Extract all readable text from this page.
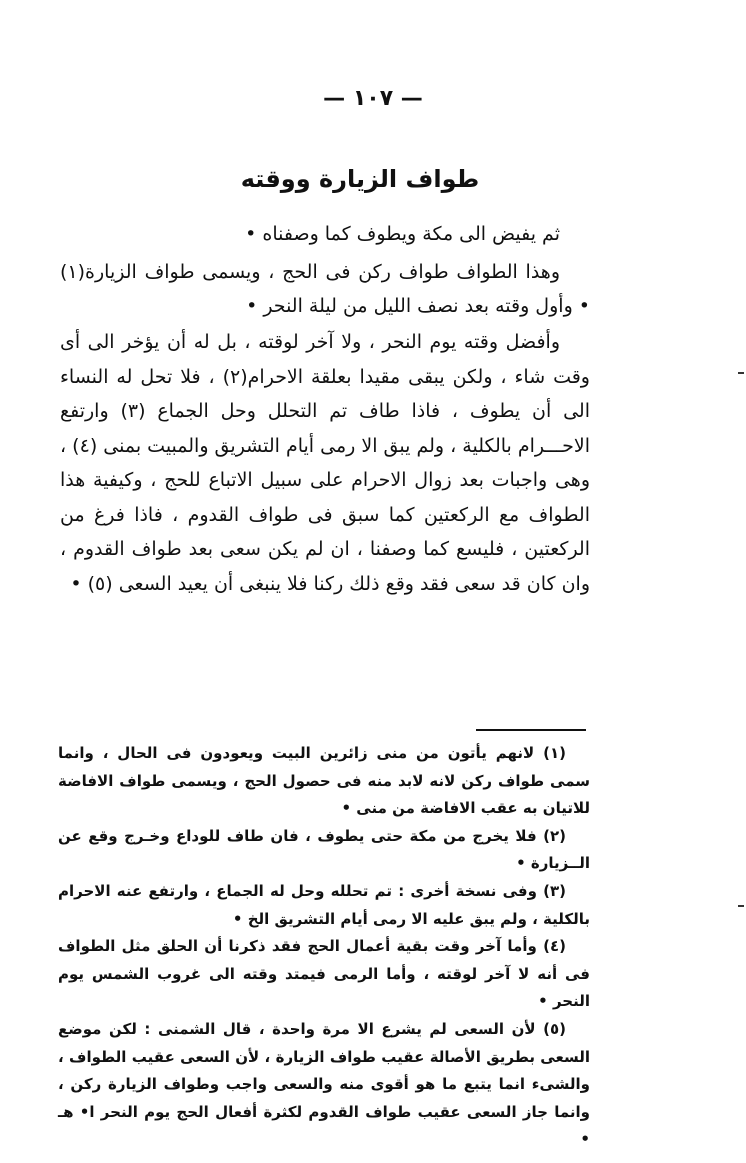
— ١٠٧ —
طواف الزيارة ووقته

ثم يفيض الى مكة ويطوف كما وصفناه •

وهذا الطواف طواف ركن فى الحج ، ويسمى طواف الزيارة(١) • وأول وقته بعد نصف الليل من ليلة النحر •

وأفضل وقته يوم النحر ، ولا آخر لوقته ، بل له أن يؤخر الى أى وقت شاء ، ولكن يبقى مقيدا بعلقة الاحرام(٢) ، فلا تحل له النساء الى أن يطوف ، فاذا طاف تم التحلل وحل الجماع (٣) وارتفع الاحـــرام بالكلية ، ولم يبق الا رمى أيام التشريق والمبيت بمنى (٤) ، وهى واجبات بعد زوال الاحرام على سبيل الاتباع للحج ، وكيفية هذا الطواف مع الركعتين كما سبق فى طواف القدوم ، فاذا فرغ من الركعتين ، فليسع كما وصفنا ، ان لم يكن سعى بعد طواف القدوم ، وان كان قد سعى فقد وقع ذلك ركنا فلا ينبغى أن يعيد السعى (٥) •

(١) لانهم يأتون من منى زائرين البيت ويعودون فى الحال ، وانما سمى طواف ركن لانه لابد منه فى حصول الحج ، ويسمى طواف الافاضة للاتيان به عقب الافاضة من منى •

(٢) فلا يخرج من مكة حتى يطوف ، فان طاف للوداع وخـرج وقع عن الــزيارة •

(٣) وفى نسخة أخرى : تم تحلله وحل له الجماع ، وارتفع عنه الاحرام بالكلية ، ولم يبق عليه الا رمى أيام التشريق الخ •

(٤) وأما آخر وقت بقية أعمال الحج فقد ذكرنا أن الحلق مثل الطواف فى أنه لا آخر لوقته ، وأما الرمى فيمتد وقته الى غروب الشمس يوم النحر •

(٥) لأن السعى لم يشرع الا مرة واحدة ، قال الشمنى : لكن موضع السعى بطريق الأصالة عقيب طواف الزيارة ، لأن السعى عقيب الطواف ، والشىء انما يتبع ما هو أقوى منه والسعى واجب وطواف الزيارة ركن ، وانما جاز السعى عقيب طواف القدوم لكثرة أفعال الحج يوم النحر ا• هـ •
